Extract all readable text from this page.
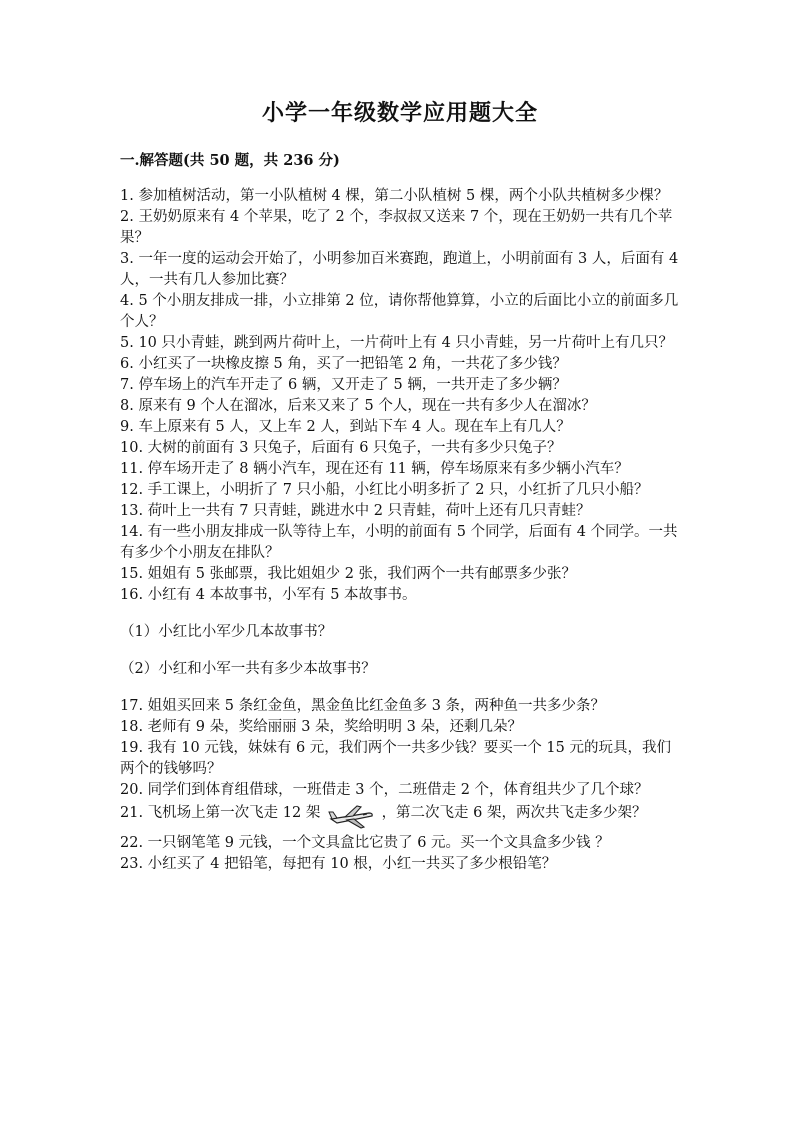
小学一年级数学应用题大全
一.解答题(共 50 题，共 236 分)

1. 参加植树活动，第一小队植树 4 棵，第二小队植树 5 棵，两个小队共植树多少棵？

2. 王奶奶原来有 4 个苹果，吃了 2 个，李叔叔又送来 7 个，现在王奶奶一共有几个苹果？

3. 一年一度的运动会开始了，小明参加百米赛跑，跑道上，小明前面有 3 人，后面有 4 人，一共有几人参加比赛？

4. 5 个小朋友排成一排，小立排第 2 位，请你帮他算算，小立的后面比小立的前面多几个人？

5. 10 只小青蛙，跳到两片荷叶上，一片荷叶上有 4 只小青蛙，另一片荷叶上有几只？

6. 小红买了一块橡皮擦 5 角，买了一把铅笔 2 角，一共花了多少钱？

7. 停车场上的汽车开走了 6 辆，又开走了 5 辆，一共开走了多少辆？

8. 原来有 9 个人在溜冰，后来又来了 5 个人，现在一共有多少人在溜冰？

9. 车上原来有 5 人，又上车 2 人，到站下车 4 人。现在车上有几人？

10. 大树的前面有 3 只兔子，后面有 6 只兔子，一共有多少只兔子？

11. 停车场开走了 8 辆小汽车，现在还有 11 辆，停车场原来有多少辆小汽车？

12. 手工课上，小明折了 7 只小船，小红比小明多折了 2 只，小红折了几只小船？

13. 荷叶上一共有 7 只青蛙，跳进水中 2 只青蛙，荷叶上还有几只青蛙？

14. 有一些小朋友排成一队等待上车，小明的前面有 5 个同学，后面有 4 个同学。一共有多少个小朋友在排队？

15. 姐姐有 5 张邮票，我比姐姐少 2 张，我们两个一共有邮票多少张？

16. 小红有 4 本故事书，小军有 5 本故事书。

（1）小红比小军少几本故事书？

（2）小红和小军一共有多少本故事书？

17. 姐姐买回来 5 条红金鱼，黑金鱼比红金鱼多 3 条，两种鱼一共多少条？

18. 老师有 9 朵，奖给丽丽 3 朵，奖给明明 3 朵，还剩几朵？

19. 我有 10 元钱，妹妹有 6 元，我们两个一共多少钱？要买一个 15 元的玩具，我们两个的钱够吗？

20. 同学们到体育组借球，一班借走 3 个，二班借走 2 个，体育组共少了几个球？

21. 飞机场上第一次飞走 12 架	，第二次飞走 6 架，两次共飞走多少架？

22. 一只钢笔笔 9 元钱，一个文具盒比它贵了 6 元。买一个文具盒多少钱 ？

23. 小红买了 4 把铅笔，每把有 10 根，小红一共买了多少根铅笔？
